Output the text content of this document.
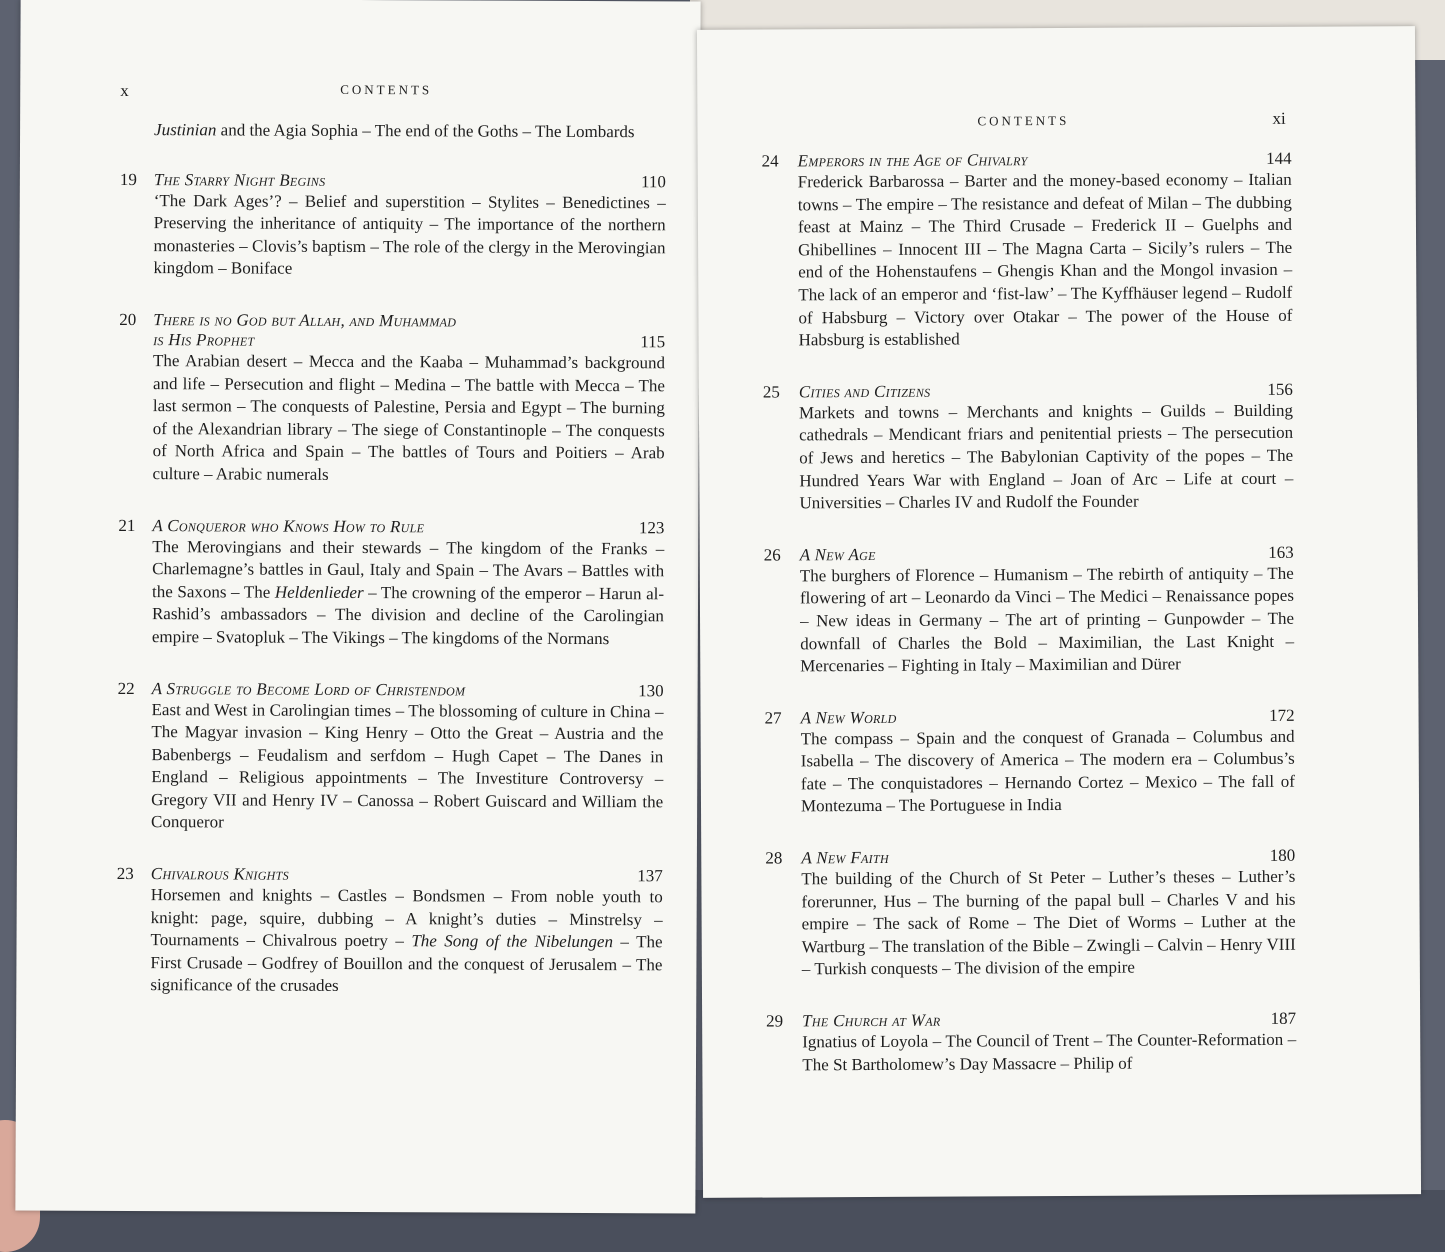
x	CONTENTS
Justinian and the Agia Sophia – The end of the Goths – The Lombards
19 The Starry Night Begins	110
‘The Dark Ages’? – Belief and superstition – Stylites – Benedictines – Preserving the inheritance of antiquity – The importance of the northern monasteries – Clovis’s baptism – The role of the clergy in the Merovingian kingdom – Boniface
20 There is no God but Allah, and Muhammad
is His Prophet	115
The Arabian desert – Mecca and the Kaaba – Muhammad’s background and life – Persecution and flight – Medina – The battle with Mecca – The last sermon – The conquests of Palestine, Persia and Egypt – The burning of the Alexandrian library – The siege of Constantinople – The conquests of North Africa and Spain – The battles of Tours and Poitiers – Arab culture – Arabic numerals
21 A Conqueror who Knows How to Rule	123
The Merovingians and their stewards – The kingdom of the Franks – Charlemagne’s battles in Gaul, Italy and Spain – The Avars – Battles with the Saxons – The Heldenlieder – The crowning of the emperor – Harun al-Rashid’s ambassadors – The division and decline of the Carolingian empire – Svatopluk – The Vikings – The kingdoms of the Normans
22 A Struggle to Become Lord of Christendom	130
East and West in Carolingian times – The blossoming of culture in China – The Magyar invasion – King Henry – Otto the Great – Austria and the Babenbergs – Feudalism and serfdom – Hugh Capet – The Danes in England – Religious appointments – The Investiture Controversy – Gregory VII and Henry IV – Canossa – Robert Guiscard and William the Conqueror
23 Chivalrous Knights	137
Horsemen and knights – Castles – Bondsmen – From noble youth to knight: page, squire, dubbing – A knight’s duties – Minstrelsy – Tournaments – Chivalrous poetry – The Song of the Nibelungen – The First Crusade – Godfrey of Bouillon and the conquest of Jerusalem – The significance of the crusades
CONTENTS	xi
24 Emperors in the Age of Chivalry	144
Frederick Barbarossa – Barter and the money-based economy – Italian towns – The empire – The resistance and defeat of Milan – The dubbing feast at Mainz – The Third Crusade – Frederick II – Guelphs and Ghibellines – Innocent III – The Magna Carta – Sicily’s rulers – The end of the Hohenstaufens – Ghengis Khan and the Mongol invasion – The lack of an emperor and ‘fist-law’ – The Kyffhäuser legend – Rudolf of Habsburg – Victory over Otakar – The power of the House of Habsburg is established
25 Cities and Citizens	156
Markets and towns – Merchants and knights – Guilds – Building cathedrals – Mendicant friars and penitential priests – The persecution of Jews and heretics – The Babylonian Captivity of the popes – The Hundred Years War with England – Joan of Arc – Life at court – Universities – Charles IV and Rudolf the Founder
26 A New Age	163
The burghers of Florence – Humanism – The rebirth of antiquity – The flowering of art – Leonardo da Vinci – The Medici – Renaissance popes – New ideas in Germany – The art of printing – Gunpowder – The downfall of Charles the Bold – Maximilian, the Last Knight – Mercenaries – Fighting in Italy – Maximilian and Dürer
27 A New World	172
The compass – Spain and the conquest of Granada – Columbus and Isabella – The discovery of America – The modern era – Columbus’s fate – The conquistadores – Hernando Cortez – Mexico – The fall of Montezuma – The Portuguese in India
28 A New Faith	180
The building of the Church of St Peter – Luther’s theses – Luther’s forerunner, Hus – The burning of the papal bull – Charles V and his empire – The sack of Rome – The Diet of Worms – Luther at the Wartburg – The translation of the Bible – Zwingli – Calvin – Henry VIII – Turkish conquests – The division of the empire
29 The Church at War	187
Ignatius of Loyola – The Council of Trent – The Counter-Reformation – The St Bartholomew’s Day Massacre – Philip of
